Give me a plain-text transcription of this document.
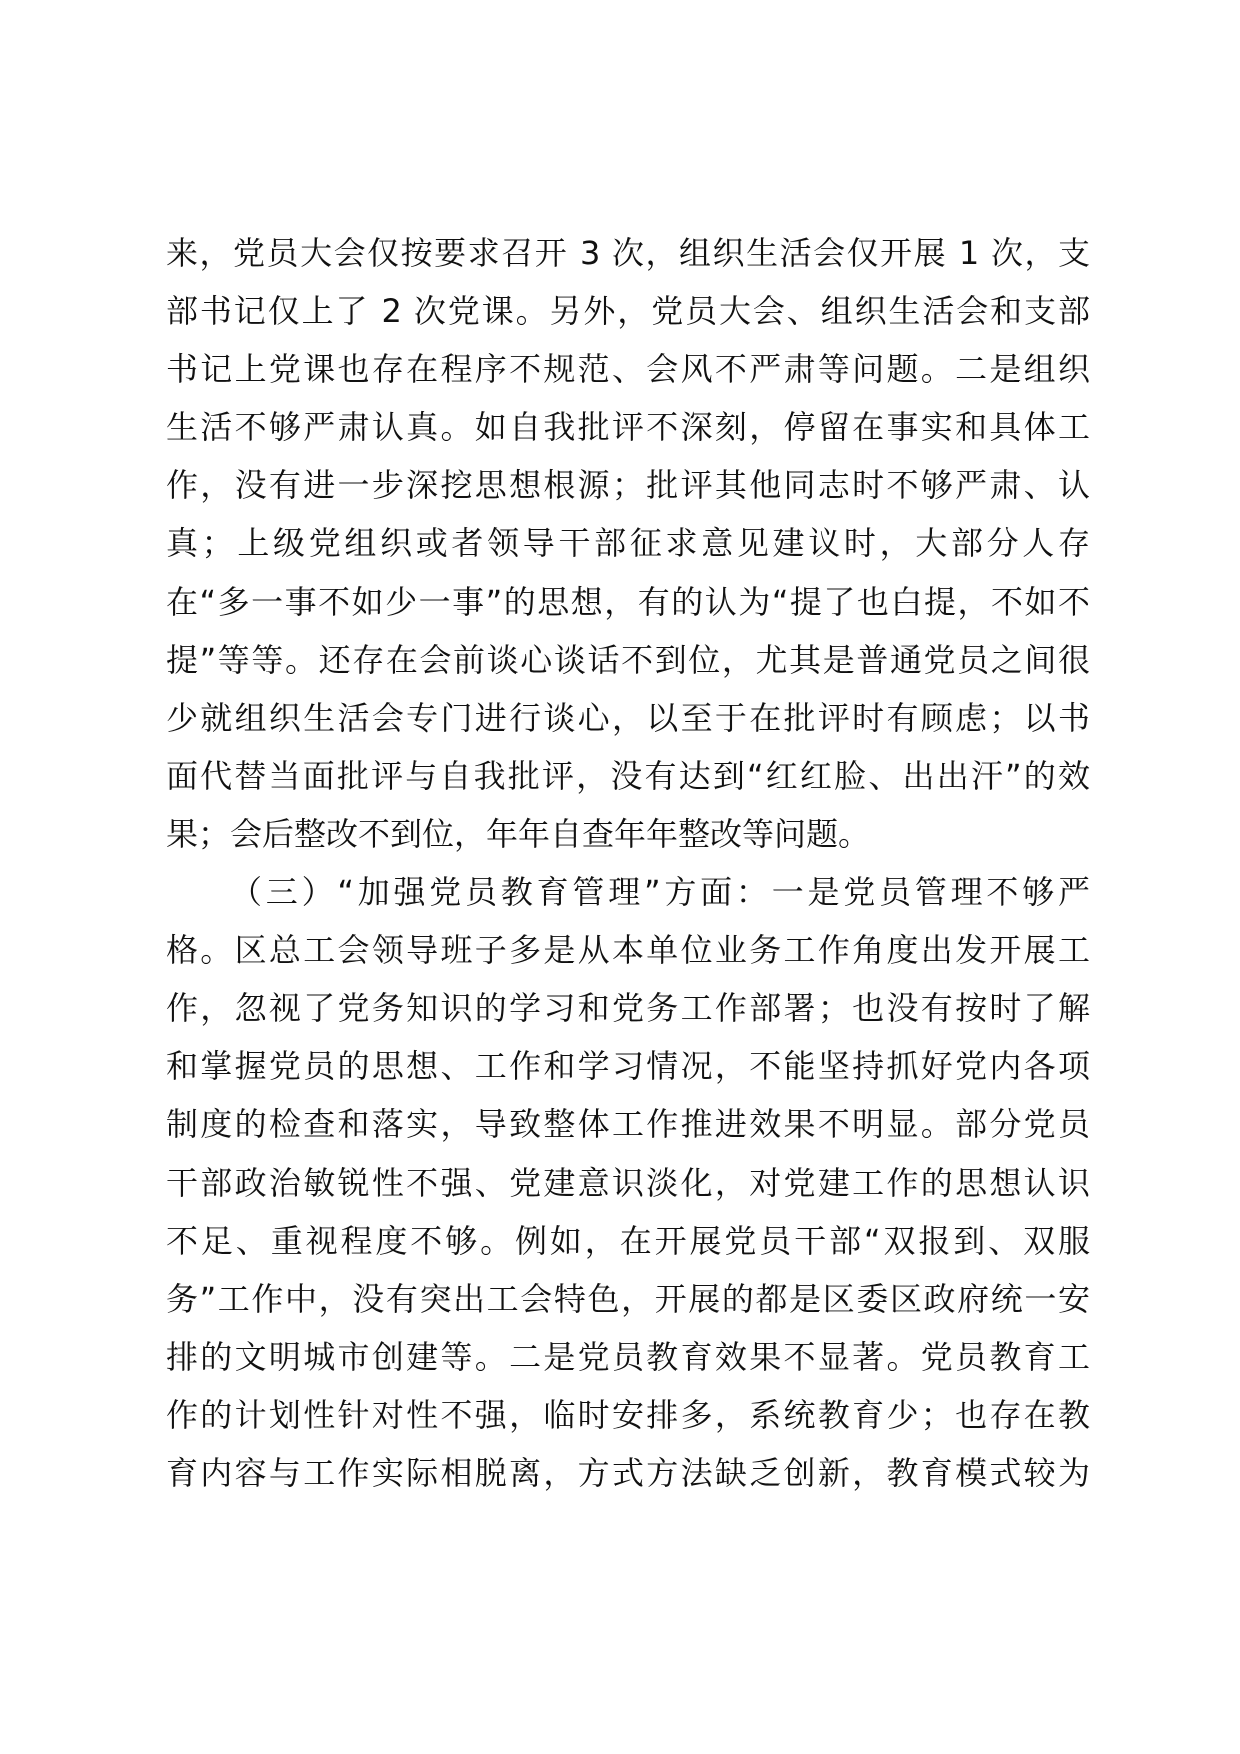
来，党员大会仅按要求召开 3 次，组织生活会仅开展 1 次，支
部书记仅上了 2 次党课。另外，党员大会、组织生活会和支部
书记上党课也存在程序不规范、会风不严肃等问题。二是组织
生活不够严肃认真。如自我批评不深刻，停留在事实和具体工
作，没有进一步深挖思想根源；批评其他同志时不够严肃、认
真；上级党组织或者领导干部征求意见建议时，大部分人存
在“多一事不如少一事”的思想，有的认为“提了也白提，不如不
提”等等。还存在会前谈心谈话不到位，尤其是普通党员之间很
少就组织生活会专门进行谈心，以至于在批评时有顾虑；以书
面代替当面批评与自我批评，没有达到“红红脸、出出汗”的效
果；会后整改不到位，年年自查年年整改等问题。
（三）“加强党员教育管理”方面：一是党员管理不够严
格。区总工会领导班子多是从本单位业务工作角度出发开展工
作，忽视了党务知识的学习和党务工作部署；也没有按时了解
和掌握党员的思想、工作和学习情况，不能坚持抓好党内各项
制度的检查和落实，导致整体工作推进效果不明显。部分党员
干部政治敏锐性不强、党建意识淡化，对党建工作的思想认识
不足、重视程度不够。例如，在开展党员干部“双报到、双服
务”工作中，没有突出工会特色，开展的都是区委区政府统一安
排的文明城市创建等。二是党员教育效果不显著。党员教育工
作的计划性针对性不强，临时安排多，系统教育少；也存在教
育内容与工作实际相脱离，方式方法缺乏创新，教育模式较为
